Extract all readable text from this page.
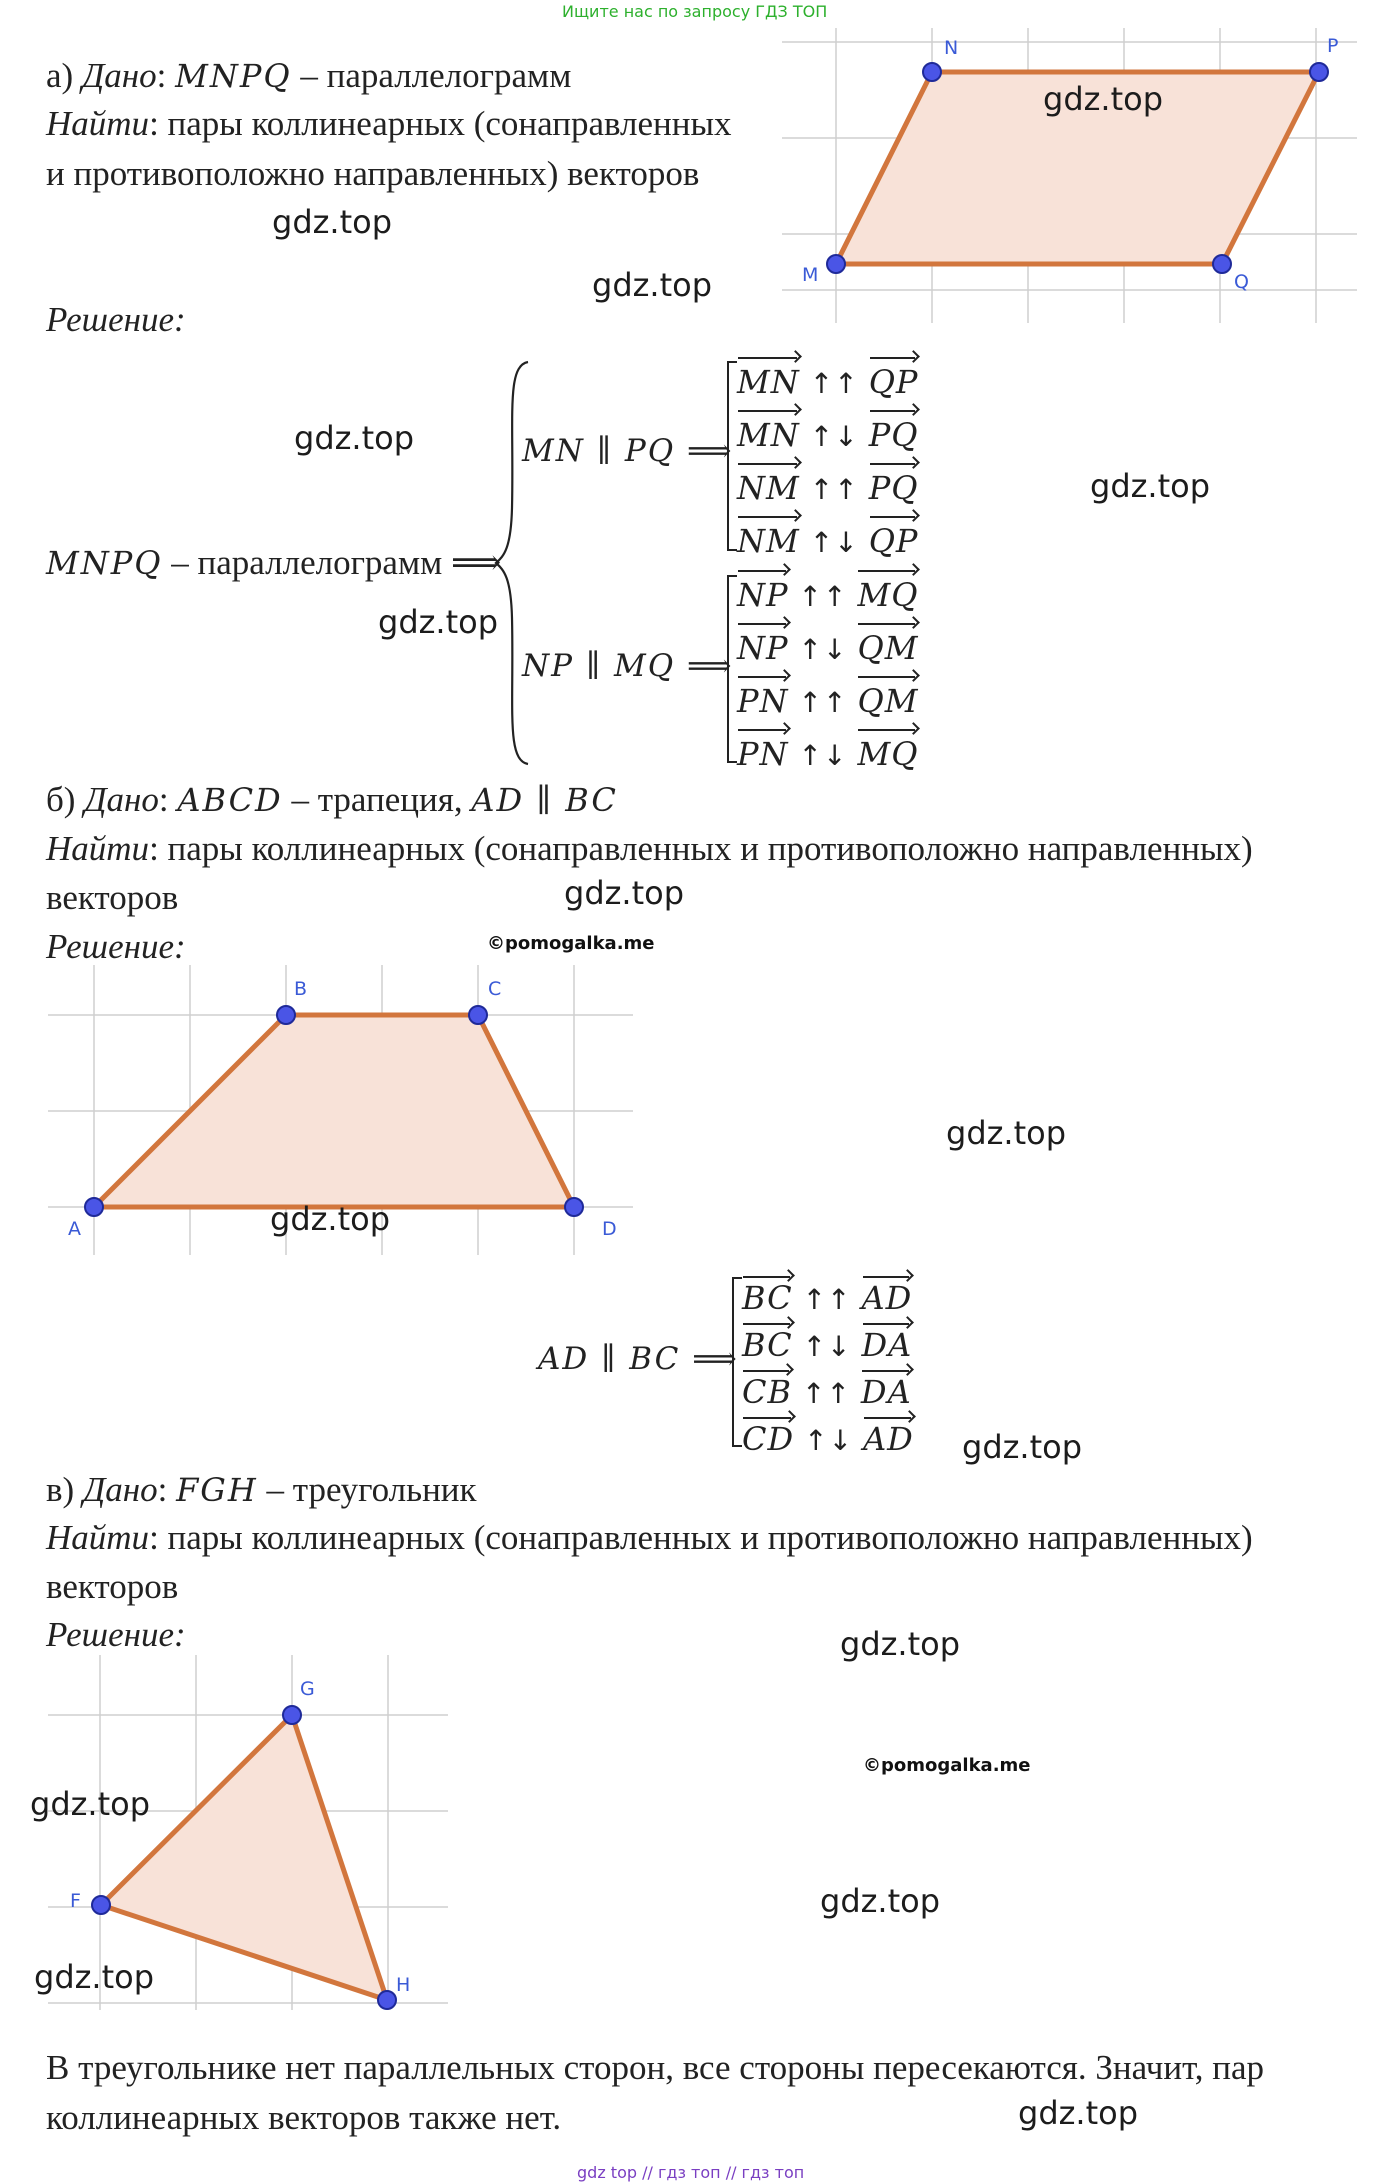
Ищите нас по запросу ГДЗ ТОП
gdz top // гдз топ // гдз топ
а) Дано: MNPQ – параллелограмм
Найти: пары коллинеарных (сонаправленных
и противоположно направленных) векторов
Решение:
M
N	P
Q
MNPQ – параллелограмм ⟹
MN ∥ PQ ⟹
NP ∥ MQ ⟹
MN ↑↑ QP
MN ↑↓ PQ
NM ↑↑ PQ
NM ↑↓ QP
NP ↑↑ MQ
NP ↑↓ QM
PN ↑↑ QM
PN ↑↓ MQ
б) Дано: ABCD – трапеция, AD ∥ BC
Найти: пары коллинеарных (сонаправленных и противоположно направленных)
векторов
Решение:
A
B	C
D
AD ∥ BC ⟹
BC ↑↑ AD
BC ↑↓ DA
CB ↑↑ DA
CD ↑↓ AD
в) Дано: FGH – треугольник
Найти: пары коллинеарных (сонаправленных и противоположно направленных)
векторов
Решение:
F
G
H
В треугольнике нет параллельных сторон, все стороны пересекаются. Значит, пар
коллинеарных векторов также нет.
gdz.top
gdz.top
gdz.top
gdz.top
gdz.top
gdz.top
gdz.top
©pomogalka.me
gdz.top
gdz.top
gdz.top
gdz.top
©pomogalka.me
gdz.top
gdz.top
gdz.top
gdz.top
